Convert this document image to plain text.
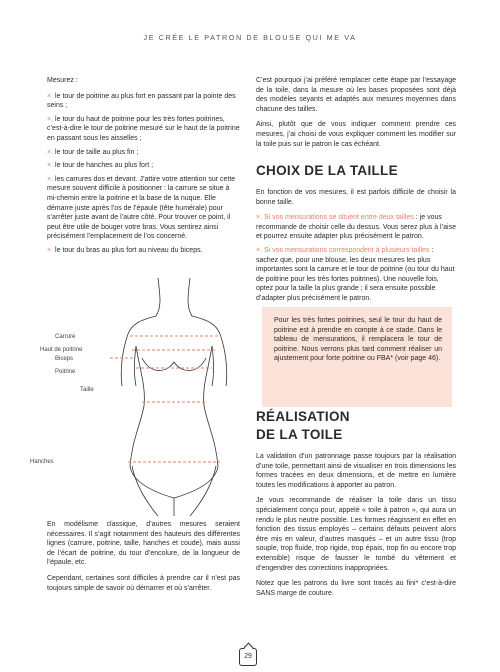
JE CRÉE LE PATRON DE BLOUSE QUI ME VA

Mesurez :

×. le tour de poitrine au plus fort en passant par la pointe des seins ;
×. le tour du haut de poitrine pour les très fortes poitrines, c’est-à-dire le tour de poitrine mesuré sur le haut de la poitrine en passant sous les aisselles ;
×. le tour de taille au plus fin ;
×. le tour de hanches au plus fort ;
×. les carrures dos et devant. J’attire votre attention sur cette mesure souvent difficile à positionner : la carrure se situe à mi-chemin entre la poitrine et la base de la nuque. Elle démarre juste après l’os de l’épaule (tête humérale) pour s’arrêter juste avant de l’autre côté. Pour trouver ce point, il peut être utile de bouger votre bras. Vous sentirez ainsi précisément l’emplacement de l’os concerné.
×. le tour du bras au plus fort au niveau du biceps.
Carrure
Haut de poitrine
Biceps
Poitrine
Taille
Hanches

En modélisme classique, d’autres mesures seraient nécessaires. Il s’agit notamment des hauteurs des différentes lignes (carrure, poitrine, taille, hanches et coude), mais aussi de l’écart de poitrine, du tour d’encolure, de la longueur de l’épaule, etc.

Cependant, certaines sont difficiles à prendre car il n’est pas toujours simple de savoir où démarrer et où s’arrêter.

C’est pourquoi j’ai préféré remplacer cette étape par l’essayage de la toile, dans la mesure où les bases proposées sont déjà des modèles seyants et adaptés aux mesures moyennes dans chacune des tailles.

Ainsi, plutôt que de vous indiquer comment prendre ces mesures, j’ai choisi de vous expliquer comment les modifier sur la toile puis sur le patron le cas échéant.

CHOIX DE LA TAILLE

En fonction de vos mesures, il est parfois difficile de choisir la bonne taille.

×. Si vos mensurations se situent entre deux tailles : je vous recommande de choisir celle du dessus. Vous serez plus à l’aise et pourrez ensuite adapter plus précisément le patron.
×. Si vos mensurations correspondent à plusieurs tailles : sachez que, pour une blouse, les deux mesures les plus importantes sont la carrure et le tour de poitrine (ou tour du haut de poitrine pour les très fortes poitrines). Une nouvelle fois, optez pour la taille la plus grande ; il sera ensuite possible d’adapter plus précisément le patron.

Pour les très fortes poitrines, seul le tour du haut de poitrine est à prendre en compte à ce stade. Dans le tableau de mensurations, il remplacera le tour de poitrine. Nous verrons plus tard comment réaliser un ajustement pour forte poitrine ou FBA* (voir page 46).

RÉALISATION
DE LA TOILE

La validation d’un patronnage passe toujours par la réalisation d’une toile, permettant ainsi de visualiser en trois dimensions les formes tracées en deux dimensions, et de mettre en lumière toutes les modifications à apporter au patron.

Je vous recommande de réaliser la toile dans un tissu spécialement conçu pour, appelé « toile à patron », qui aura un rendu le plus neutre possible. Les formes réagissent en effet en fonction des tissus employés – certains défauts peuvent alors être mis en valeur, d’autres masqués – et un autre tissu (trop souple, trop fluide, trop rigide, trop épais, trop fin ou encore trop extensible) risque de fausser le tombé du vêtement et d’engendrer des corrections inappropriées.

Notez que les patrons du livre sont tracés au fini* c’est-à-dire SANS marge de couture.

29
